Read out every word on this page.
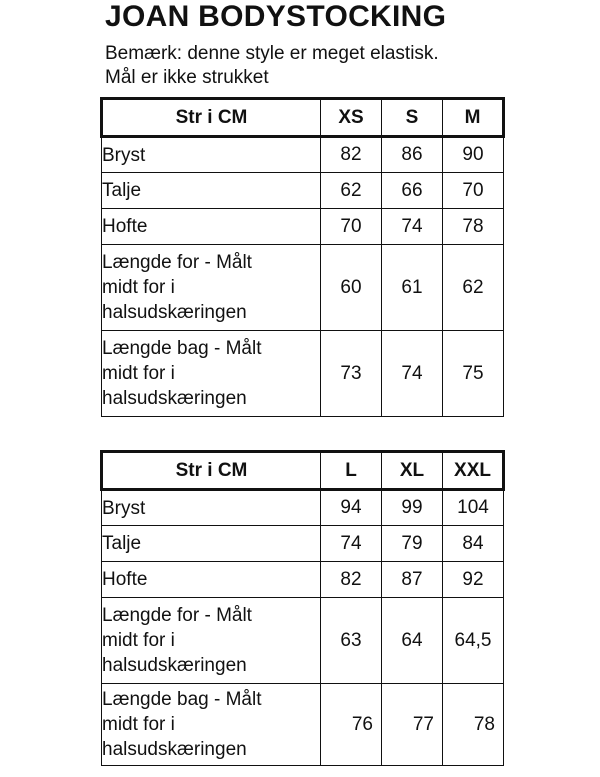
JOAN BODYSTOCKING
Bemærk: denne style er meget elastisk.
Mål er ikke strukket
Str i CM	XS	S	M

Bryst	82	86	90

Talje	62	66	70

Hofte	70	74	78

Længde for - Målt
midt for i
halsudskæringen	60	61	62

Længde bag - Målt
midt for i
halsudskæringen	73	74	75
Str i CM	L	XL	XXL

Bryst	94	99	104

Talje	74	79	84

Hofte	82	87	92

Længde for - Målt
midt for i
halsudskæringen	63	64	64,5

Længde bag - Målt
midt for i
halsudskæringen	76	77	78
